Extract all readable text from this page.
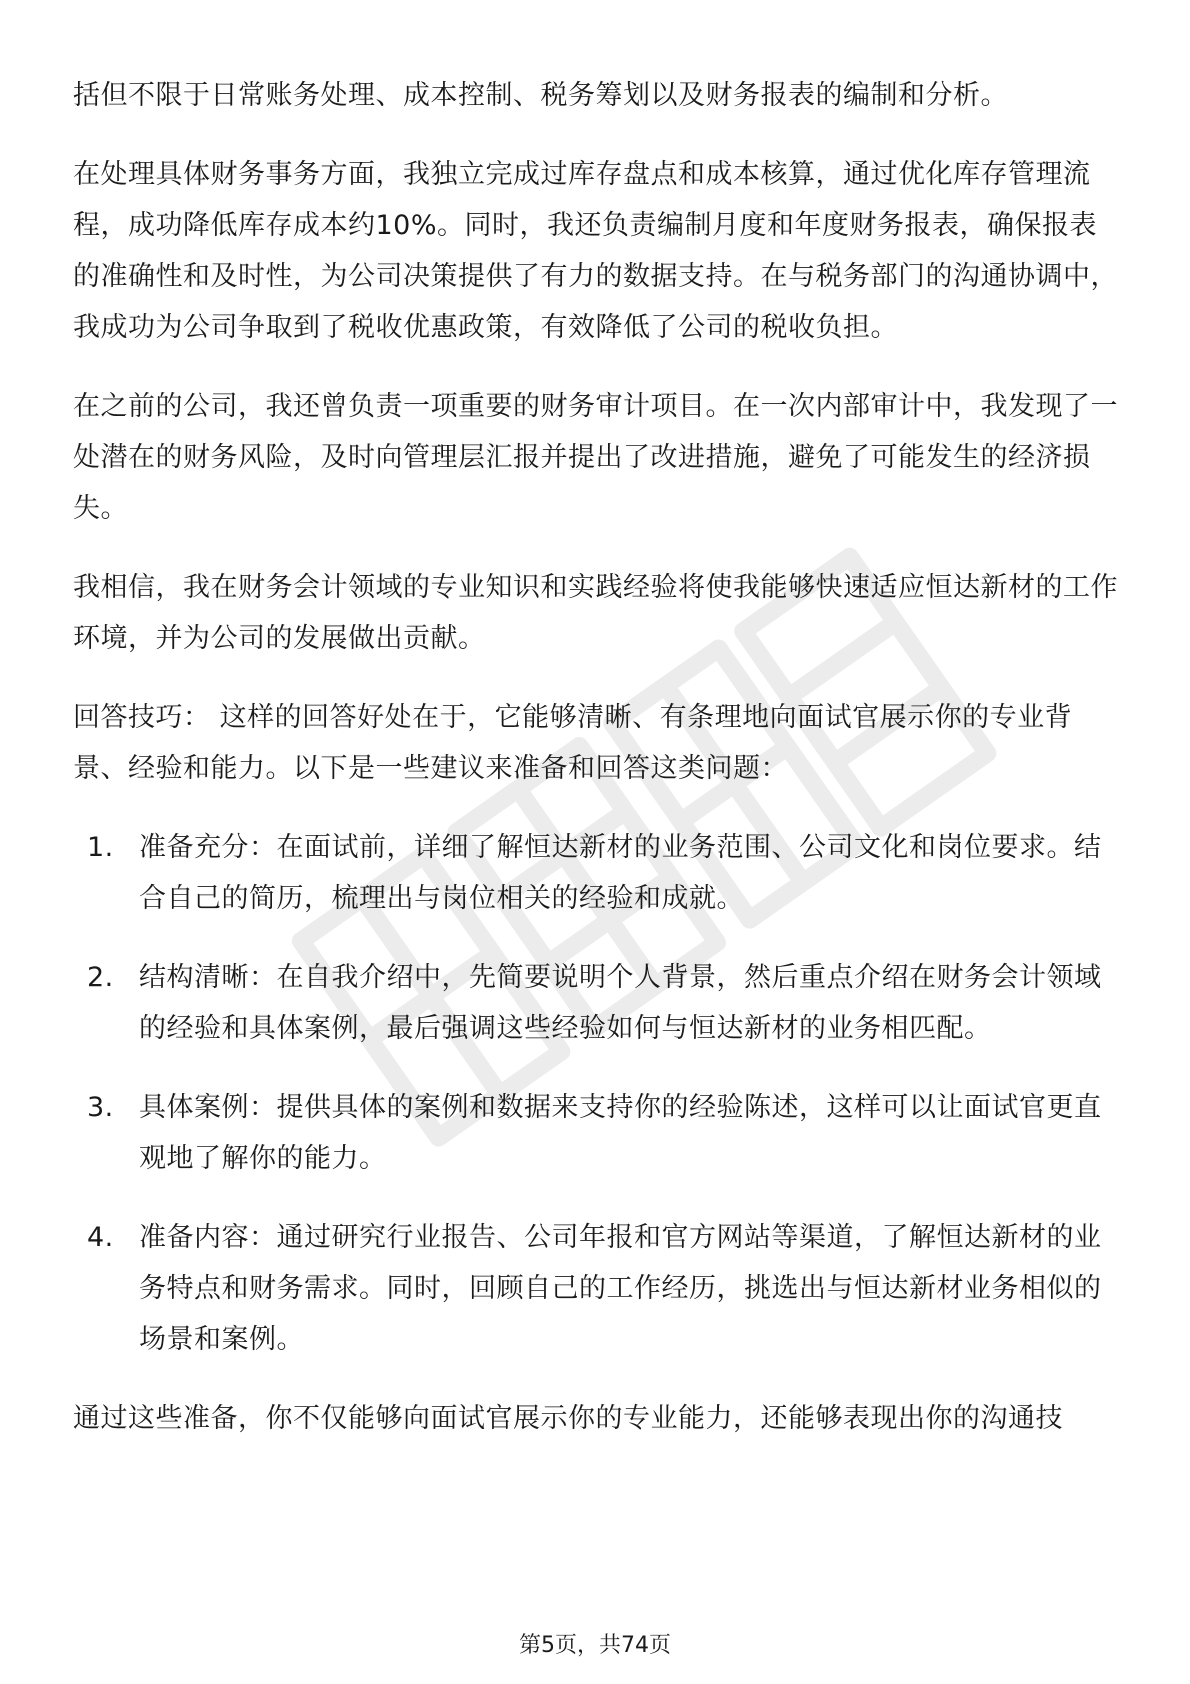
括但不限于日常账务处理、成本控制、税务筹划以及财务报表的编制和分析。

在处理具体财务事务方面，我独立完成过库存盘点和成本核算，通过优化库存管理流程，成功降低库存成本约10%。同时，我还负责编制月度和年度财务报表，确保报表的准确性和及时性，为公司决策提供了有力的数据支持。在与税务部门的沟通协调中，我成功为公司争取到了税收优惠政策，有效降低了公司的税收负担。

在之前的公司，我还曾负责一项重要的财务审计项目。在一次内部审计中，我发现了一处潜在的财务风险，及时向管理层汇报并提出了改进措施，避免了可能发生的经济损失。

我相信，我在财务会计领域的专业知识和实践经验将使我能够快速适应恒达新材的工作环境，并为公司的发展做出贡献。

回答技巧： 这样的回答好处在于，它能够清晰、有条理地向面试官展示你的专业背景、经验和能力。以下是一些建议来准备和回答这类问题：

1. 准备充分：在面试前，详细了解恒达新材的业务范围、公司文化和岗位要求。结合自己的简历，梳理出与岗位相关的经验和成就。
2. 结构清晰：在自我介绍中，先简要说明个人背景，然后重点介绍在财务会计领域的经验和具体案例，最后强调这些经验如何与恒达新材的业务相匹配。
3. 具体案例：提供具体的案例和数据来支持你的经验陈述，这样可以让面试官更直观地了解你的能力。
4. 准备内容：通过研究行业报告、公司年报和官方网站等渠道，了解恒达新材的业务特点和财务需求。同时，回顾自己的工作经历，挑选出与恒达新材业务相似的场景和案例。

通过这些准备，你不仅能够向面试官展示你的专业能力，还能够表现出你的沟通技

第5页，共74页
